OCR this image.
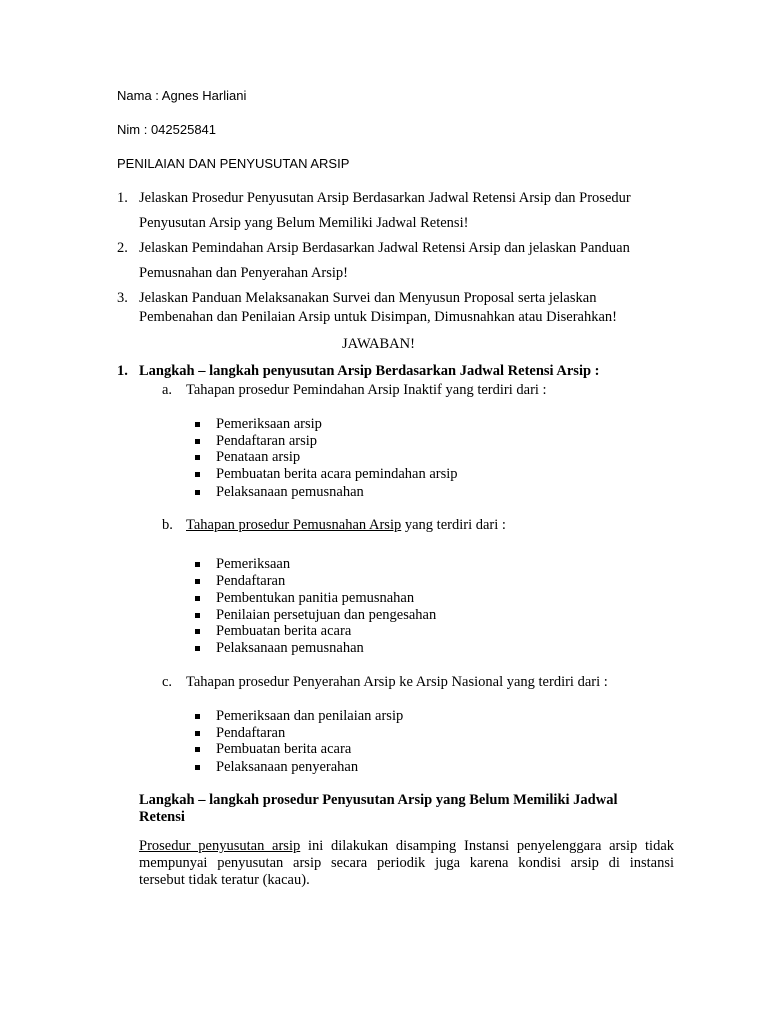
Nama : Agnes Harliani
Nim : 042525841
PENILAIAN DAN PENYUSUTAN ARSIP
1. Jelaskan Prosedur Penyusutan Arsip Berdasarkan Jadwal Retensi Arsip dan Prosedur
Penyusutan Arsip yang Belum Memiliki Jadwal Retensi!
2. Jelaskan Pemindahan Arsip Berdasarkan Jadwal Retensi Arsip dan jelaskan Panduan
Pemusnahan dan Penyerahan Arsip!
3. Jelaskan Panduan Melaksanakan Survei dan Menyusun Proposal serta jelaskan
Pembenahan dan Penilaian Arsip untuk Disimpan, Dimusnahkan atau Diserahkan!
JAWABAN!
1. Langkah – langkah penyusutan Arsip Berdasarkan Jadwal Retensi Arsip :
a. Tahapan prosedur Pemindahan Arsip Inaktif yang terdiri dari :
Pemeriksaan arsip
Pendaftaran arsip
Penataan arsip
Pembuatan berita acara pemindahan arsip
Pelaksanaan pemusnahan
b. Tahapan prosedur Pemusnahan Arsip yang terdiri dari :
Pemeriksaan
Pendaftaran
Pembentukan panitia pemusnahan
Penilaian persetujuan dan pengesahan
Pembuatan berita acara
Pelaksanaan pemusnahan
c. Tahapan prosedur Penyerahan Arsip ke Arsip Nasional yang terdiri dari :
Pemeriksaan dan penilaian arsip
Pendaftaran
Pembuatan berita acara
Pelaksanaan penyerahan
Langkah – langkah prosedur Penyusutan Arsip yang Belum Memiliki Jadwal
Retensi
Prosedur penyusutan arsip ini dilakukan disamping Instansi penyelenggara arsip tidak
mempunyai penyusutan arsip secara periodik juga karena kondisi arsip di instansi
tersebut tidak teratur (kacau).
